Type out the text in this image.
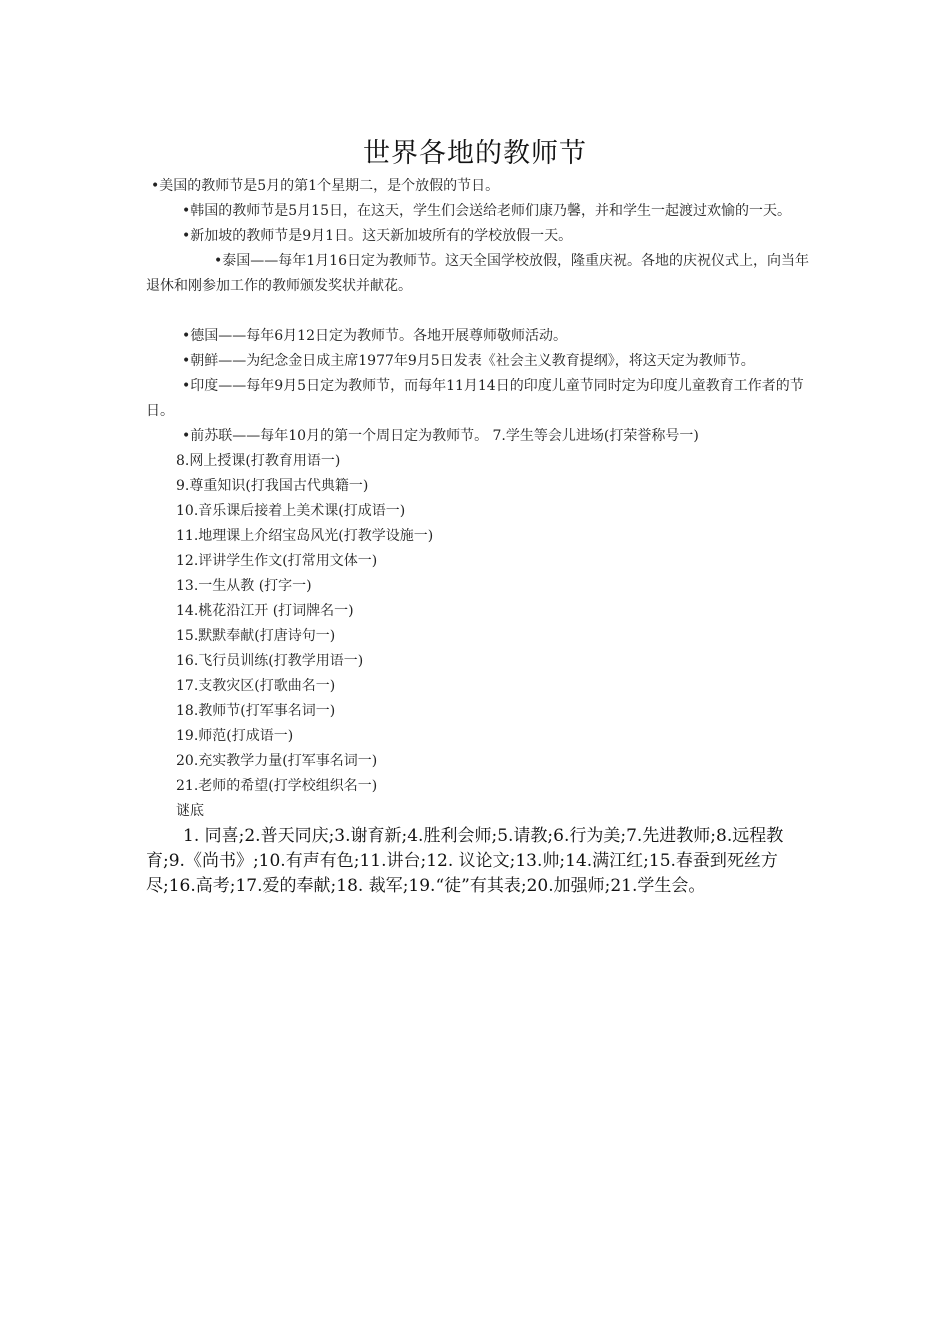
世界各地的教师节

•美国的教师节是5月的第1个星期二，是个放假的节日。

•韩国的教师节是5月15日，在这天，学生们会送给老师们康乃馨，并和学生一起渡过欢愉的一天。

•新加坡的教师节是9月1日。这天新加坡所有的学校放假一天。

•泰国——每年1月16日定为教师节。这天全国学校放假，隆重庆祝。各地的庆祝仪式上，向当年退休和刚参加工作的教师颁发奖状并献花。

•德国——每年6月12日定为教师节。各地开展尊师敬师活动。

•朝鲜——为纪念金日成主席1977年9月5日发表《社会主义教育提纲》，将这天定为教师节。

•印度——每年9月5日定为教师节，而每年11月14日的印度儿童节同时定为印度儿童教育工作者的节日。

•前苏联——每年10月的第一个周日定为教师节。 7.学生等会儿进场(打荣誉称号一)

8.网上授课(打教育用语一)

9.尊重知识(打我国古代典籍一)

10.音乐课后接着上美术课(打成语一)

11.地理课上介绍宝岛风光(打教学设施一)

12.评讲学生作文(打常用文体一)

13.一生从教 (打字一)

14.桃花沿江开 (打词牌名一)

15.默默奉献(打唐诗句一)

16.飞行员训练(打教学用语一)

17.支教灾区(打歌曲名一)

18.教师节(打军事名词一)

19.师范(打成语一)

20.充实教学力量(打军事名词一)

21.老师的希望(打学校组织名一)

谜底

1. 同喜;2.普天同庆;3.谢育新;4.胜利会师;5.请教;6.行为美;7.先进教师;8.远程教育;9.《尚书》;10.有声有色;11.讲台;12. 议论文;13.帅;14.满江红;15.春蚕到死丝方尽;16.高考;17.爱的奉献;18. 裁军;19.“徒”有其表;20.加强师;21.学生会。
